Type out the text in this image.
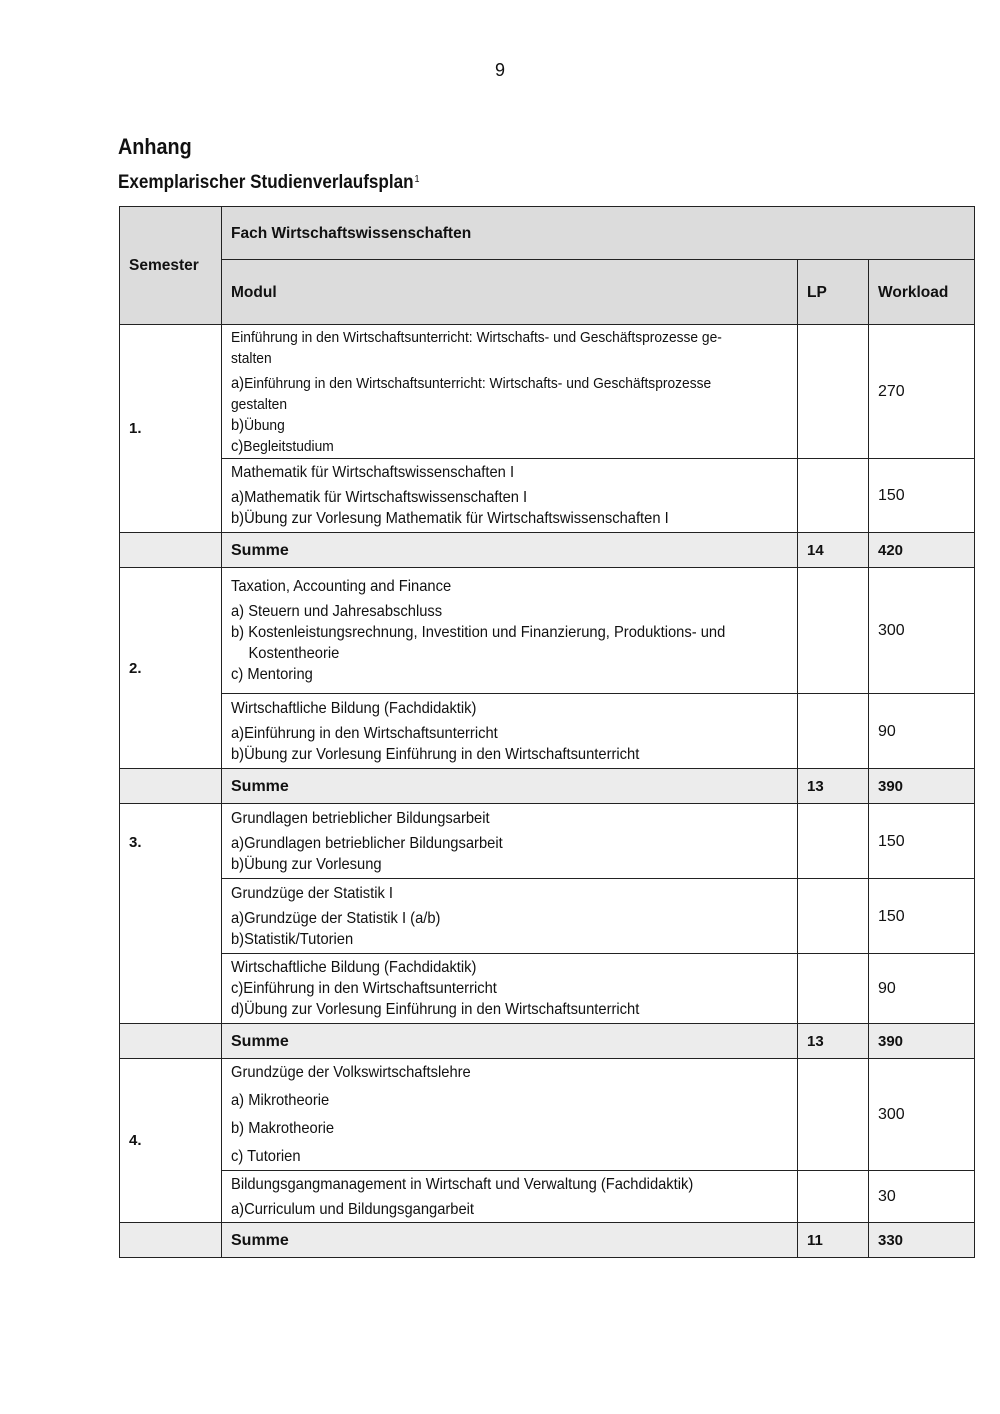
9
Anhang
Exemplarischer Studienverlaufsplan$^1$
Semester	Fach Wirtschaftswissenschaften		
	Modul	LP	Workload
1.	Einführung in den Wirtschaftsunterricht: Wirtschafts- und Geschäftsprozesse ge-
stalten
a)Einführung in den Wirtschaftsunterricht: Wirtschafts- und Geschäftsprozesse gestalten
b)Übung
c)Begleitstudium		270

	Mathematik für Wirtschaftswissenschaften I
a)Mathematik für Wirtschaftswissenschaften I
b)Übung zur Vorlesung Mathematik für Wirtschaftswissenschaften I		150
	Summe	14	420
2.	Taxation, Accounting and Finance
a) Steuern und Jahresabschluss
b) Kostenleistungsrechnung, Investition und Finanzierung, Produktions- und Kostentheorie
c) Mentoring		300

	Wirtschaftliche Bildung (Fachdidaktik)
a)Einführung in den Wirtschaftsunterricht
b)Übung zur Vorlesung Einführung in den Wirtschaftsunterricht		90
	Summe	13	390
3.	Grundlagen betrieblicher Bildungsarbeit
a)Grundlagen betrieblicher Bildungsarbeit
b)Übung zur Vorlesung		150

	Grundzüge der Statistik I
a)Grundzüge der Statistik I (a/b)
b)Statistik/Tutorien		150

	Wirtschaftliche Bildung (Fachdidaktik)
c)Einführung in den Wirtschaftsunterricht
d)Übung zur Vorlesung Einführung in den Wirtschaftsunterricht		90
	Summe	13	390
4.	Grundzüge der Volkswirtschaftslehre
a) Mikrotheorie
b) Makrotheorie
c) Tutorien		300

	Bildungsgangmanagement in Wirtschaft und Verwaltung (Fachdidaktik)
a)Curriculum und Bildungsgangarbeit		30
	Summe	11	330
